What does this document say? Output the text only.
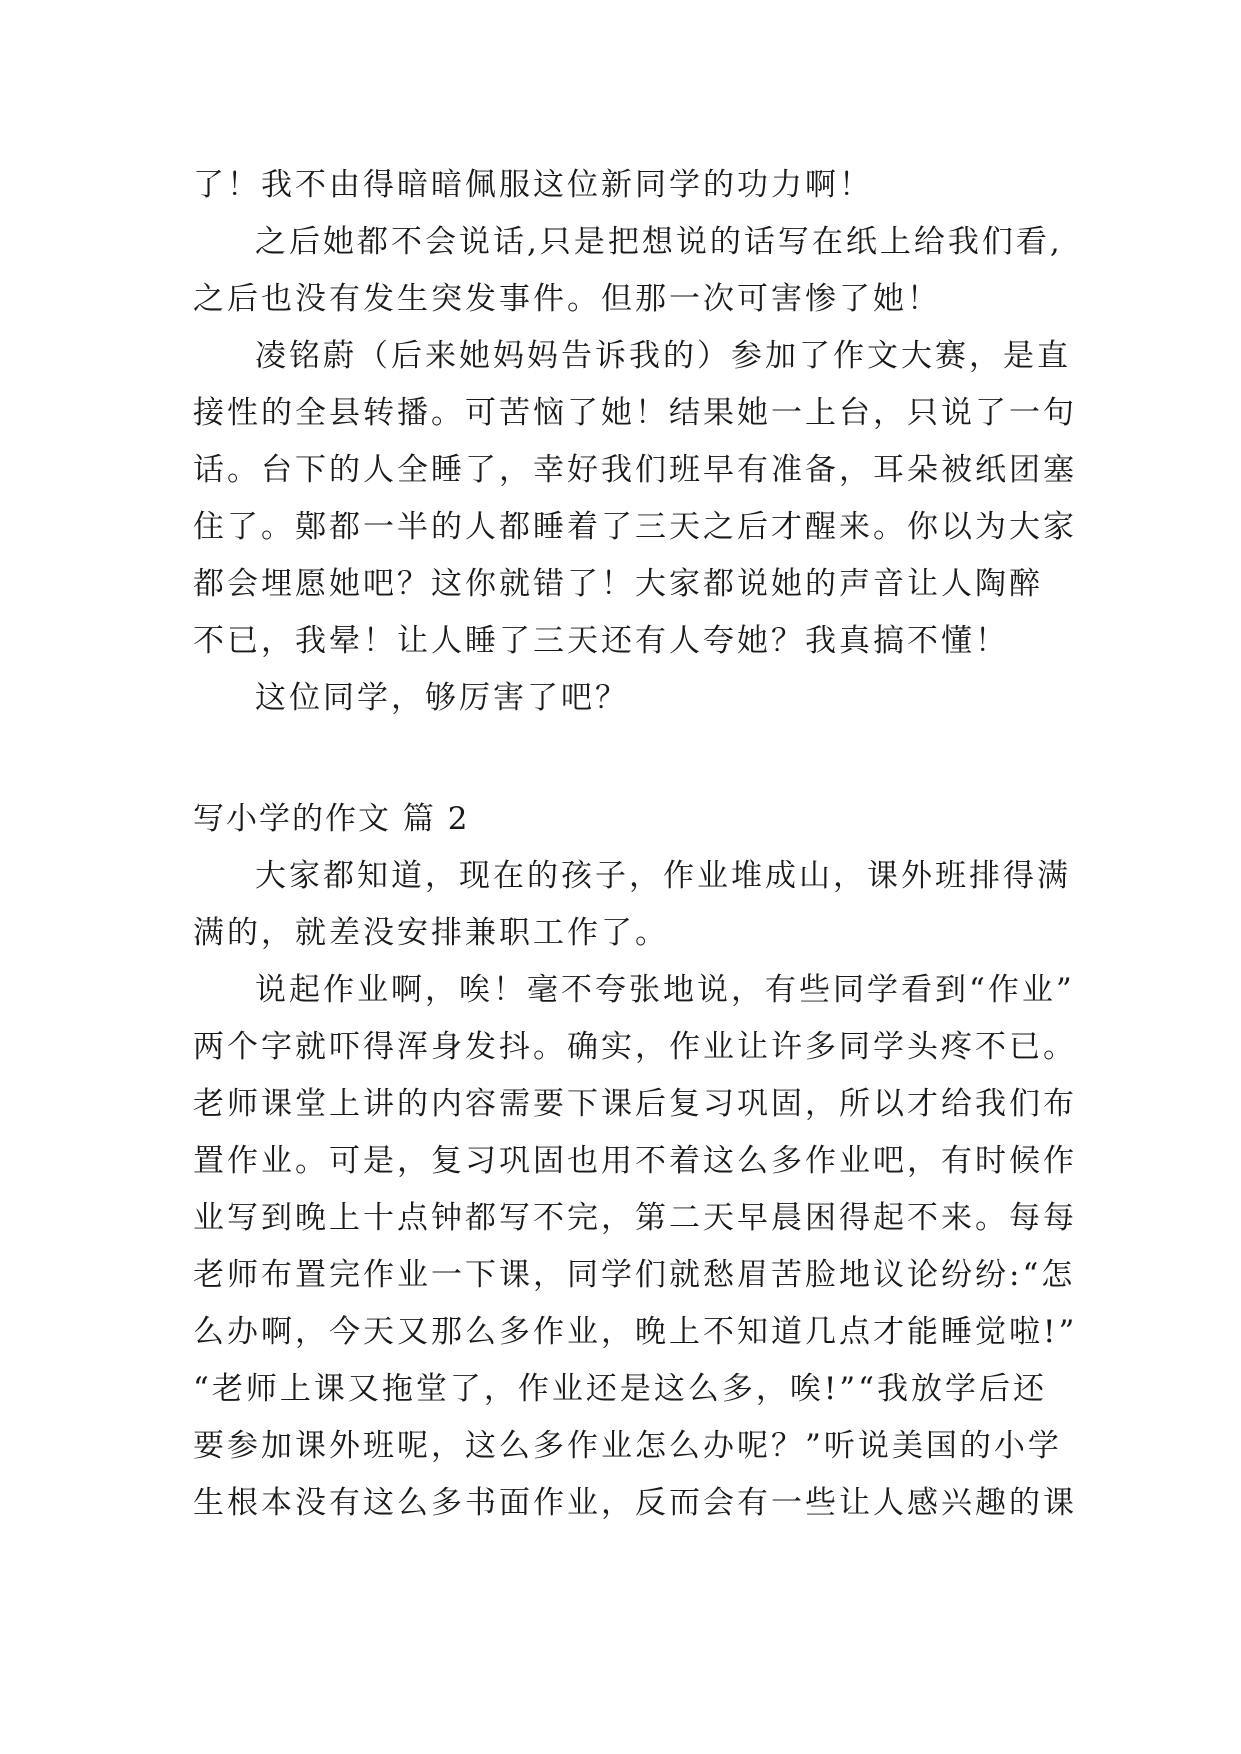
了！我不由得暗暗佩服这位新同学的功力啊！

之后她都不会说话,只是把想说的话写在纸上给我们看,

之后也没有发生突发事件。但那一次可害惨了她！

凌铭蔚（后来她妈妈告诉我的）参加了作文大赛，是直

接性的全县转播。可苦恼了她！结果她一上台，只说了一句

话。台下的人全睡了，幸好我们班早有准备，耳朵被纸团塞

住了。鄚都一半的人都睡着了三天之后才醒来。你以为大家

都会埋愿她吧？这你就错了！大家都说她的声音让人陶醉

不已，我晕！让人睡了三天还有人夸她？我真搞不懂！

这位同学，够厉害了吧？

写小学的作文 篇 2

大家都知道，现在的孩子，作业堆成山，课外班排得满

满的，就差没安排兼职工作了。

说起作业啊，唉！毫不夸张地说，有些同学看到“作业”

两个字就吓得浑身发抖。确实，作业让许多同学头疼不已。

老师课堂上讲的内容需要下课后复习巩固，所以才给我们布

置作业。可是，复习巩固也用不着这么多作业吧，有时候作

业写到晚上十点钟都写不完，第二天早晨困得起不来。每每

老师布置完作业一下课，同学们就愁眉苦脸地议论纷纷:“怎

么办啊，今天又那么多作业，晚上不知道几点才能睡觉啦!”

“老师上课又拖堂了，作业还是这么多，唉!”“我放学后还

要参加课外班呢，这么多作业怎么办呢？”听说美国的小学

生根本没有这么多书面作业，反而会有一些让人感兴趣的课
